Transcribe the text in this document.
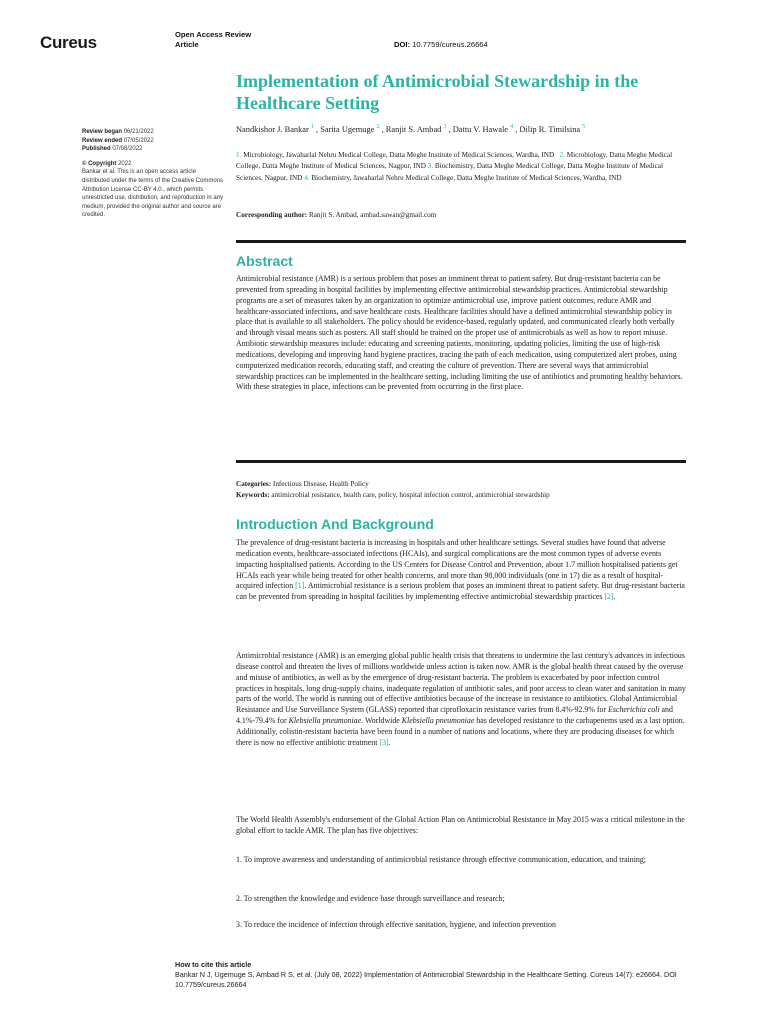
Cureus	Open Access Review
Article	DOI: 10.7759/cureus.26664
Implementation of Antimicrobial Stewardship in the Healthcare Setting
Review began 06/21/2022
Review ended 07/05/2022
Published 07/08/2022
© Copyright 2022
Bankar et al. This is an open access article distributed under the terms of the Creative Commons Attribution License CC-BY 4.0., which permits unrestricted use, distribution, and reproduction in any medium, provided the original author and source are credited.
Nandkishor J. Bankar $^1$ , Sarita Ugemuge $^2$ , Ranjit S. Ambad $^3$ , Dattu V. Hawale $^4$ , Dilip R. Timilsina $^5$
1. Microbiology, Jawaharlal Nehru Medical College, Datta Meghe Institute of Medical Sciences, Wardha, IND 2. Microbiology, Datta Meghe Medical College, Datta Meghe Institute of Medical Sciences, Nagpur, IND 3. Biochemistry, Datta Meghe Medical College, Datta Meghe Institute of Medical Sciences, Nagpur, IND 4. Biochemistry, Jawaharlal Nehru Medical College, Datta Meghe Institute of Medical Sciences, Wardha, IND
Corresponding author: Ranjit S. Ambad, ambad.sawan@gmail.com
Abstract

Antimicrobial resistance (AMR) is a serious problem that poses an imminent threat to patient safety. But drug-resistant bacteria can be prevented from spreading in hospital facilities by implementing effective antimicrobial stewardship practices. Antimicrobial stewardship programs are a set of measures taken by an organization to optimize antimicrobial use, improve patient outcomes, reduce AMR and healthcare-associated infections, and save healthcare costs. Healthcare facilities should have a defined antimicrobial stewardship policy in place that is available to all stakeholders. The policy should be evidence-based, regularly updated, and communicated clearly both verbally and through visual means such as posters. All staff should be trained on the proper use of antimicrobials as well as how to report misuse. Antibiotic stewardship measures include: educating and screening patients, monitoring, updating policies, limiting the use of high-risk medications, developing and improving hand hygiene practices, tracing the path of each medication, using computerized alert probes, using computerized medication records, educating staff, and creating the culture of prevention. There are several ways that antimicrobial stewardship practices can be implemented in the healthcare setting, including limiting the use of antibiotics and promoting healthy behaviors. With these strategies in place, infections can be prevented from occurring in the first place.

Categories: Infectious Disease, Health Policy
Keywords: antimicrobial resistance, health care, policy, hospital infection control, antimicrobial stewardship
Introduction And Background

The prevalence of drug-resistant bacteria is increasing in hospitals and other healthcare settings. Several studies have found that adverse medication events, healthcare-associated infections (HCAIs), and surgical complications are the most common types of adverse events impacting hospitalised patients. According to the US Centers for Disease Control and Prevention, about 1.7 million hospitalised patients get HCAIs each year while being treated for other health concerns, and more than 98,000 individuals (one in 17) die as a result of hospital-acquired infection [1]. Antimicrobial resistance is a serious problem that poses an imminent threat to patient safety. But drug-resistant bacteria can be prevented from spreading in hospital facilities by implementing effective antimicrobial stewardship practices [2].

Antimicrobial resistance (AMR) is an emerging global public health crisis that threatens to undermine the last century's advances in infectious disease control and threaten the lives of millions worldwide unless action is taken now. AMR is the global health threat caused by the overuse and misuse of antibiotics, as well as by the emergence of drug-resistant bacteria. The problem is exacerbated by poor infection control practices in hospitals, long drug-supply chains, inadequate regulation of antibiotic sales, and poor access to clean water and sanitation in many parts of the world. The world is running out of effective antibiotics because of the increase in resistance to antibiotics. Global Antimicrobial Resistance and Use Surveillance System (GLASS) reported that ciprofloxacin resistance varies from 8.4%-92.9% for Escherichia coli and 4.1%-79.4% for Klebsiella pneumoniae. Worldwide Klebsiella pneumoniae has developed resistance to the carbapenems used as a last option. Additionally, colistin-resistant bacteria have been found in a number of nations and locations, where they are producing diseases for which there is now no effective antibiotic treatment [3].

The World Health Assembly's endorsement of the Global Action Plan on Antimicrobial Resistance in May 2015 was a critical milestone in the global effort to tackle AMR. The plan has five objectives:

1. To improve awareness and understanding of antimicrobial resistance through effective communication, education, and training;

2. To strengthen the knowledge and evidence base through surveillance and research;

3. To reduce the incidence of infection through effective sanitation, hygiene, and infection prevention

How to cite this article
Bankar N J, Ugemuge S, Ambad R S, et al. (July 08, 2022) Implementation of Antimicrobial Stewardship in the Healthcare Setting. Cureus 14(7): e26664. DOI 10.7759/cureus.26664
